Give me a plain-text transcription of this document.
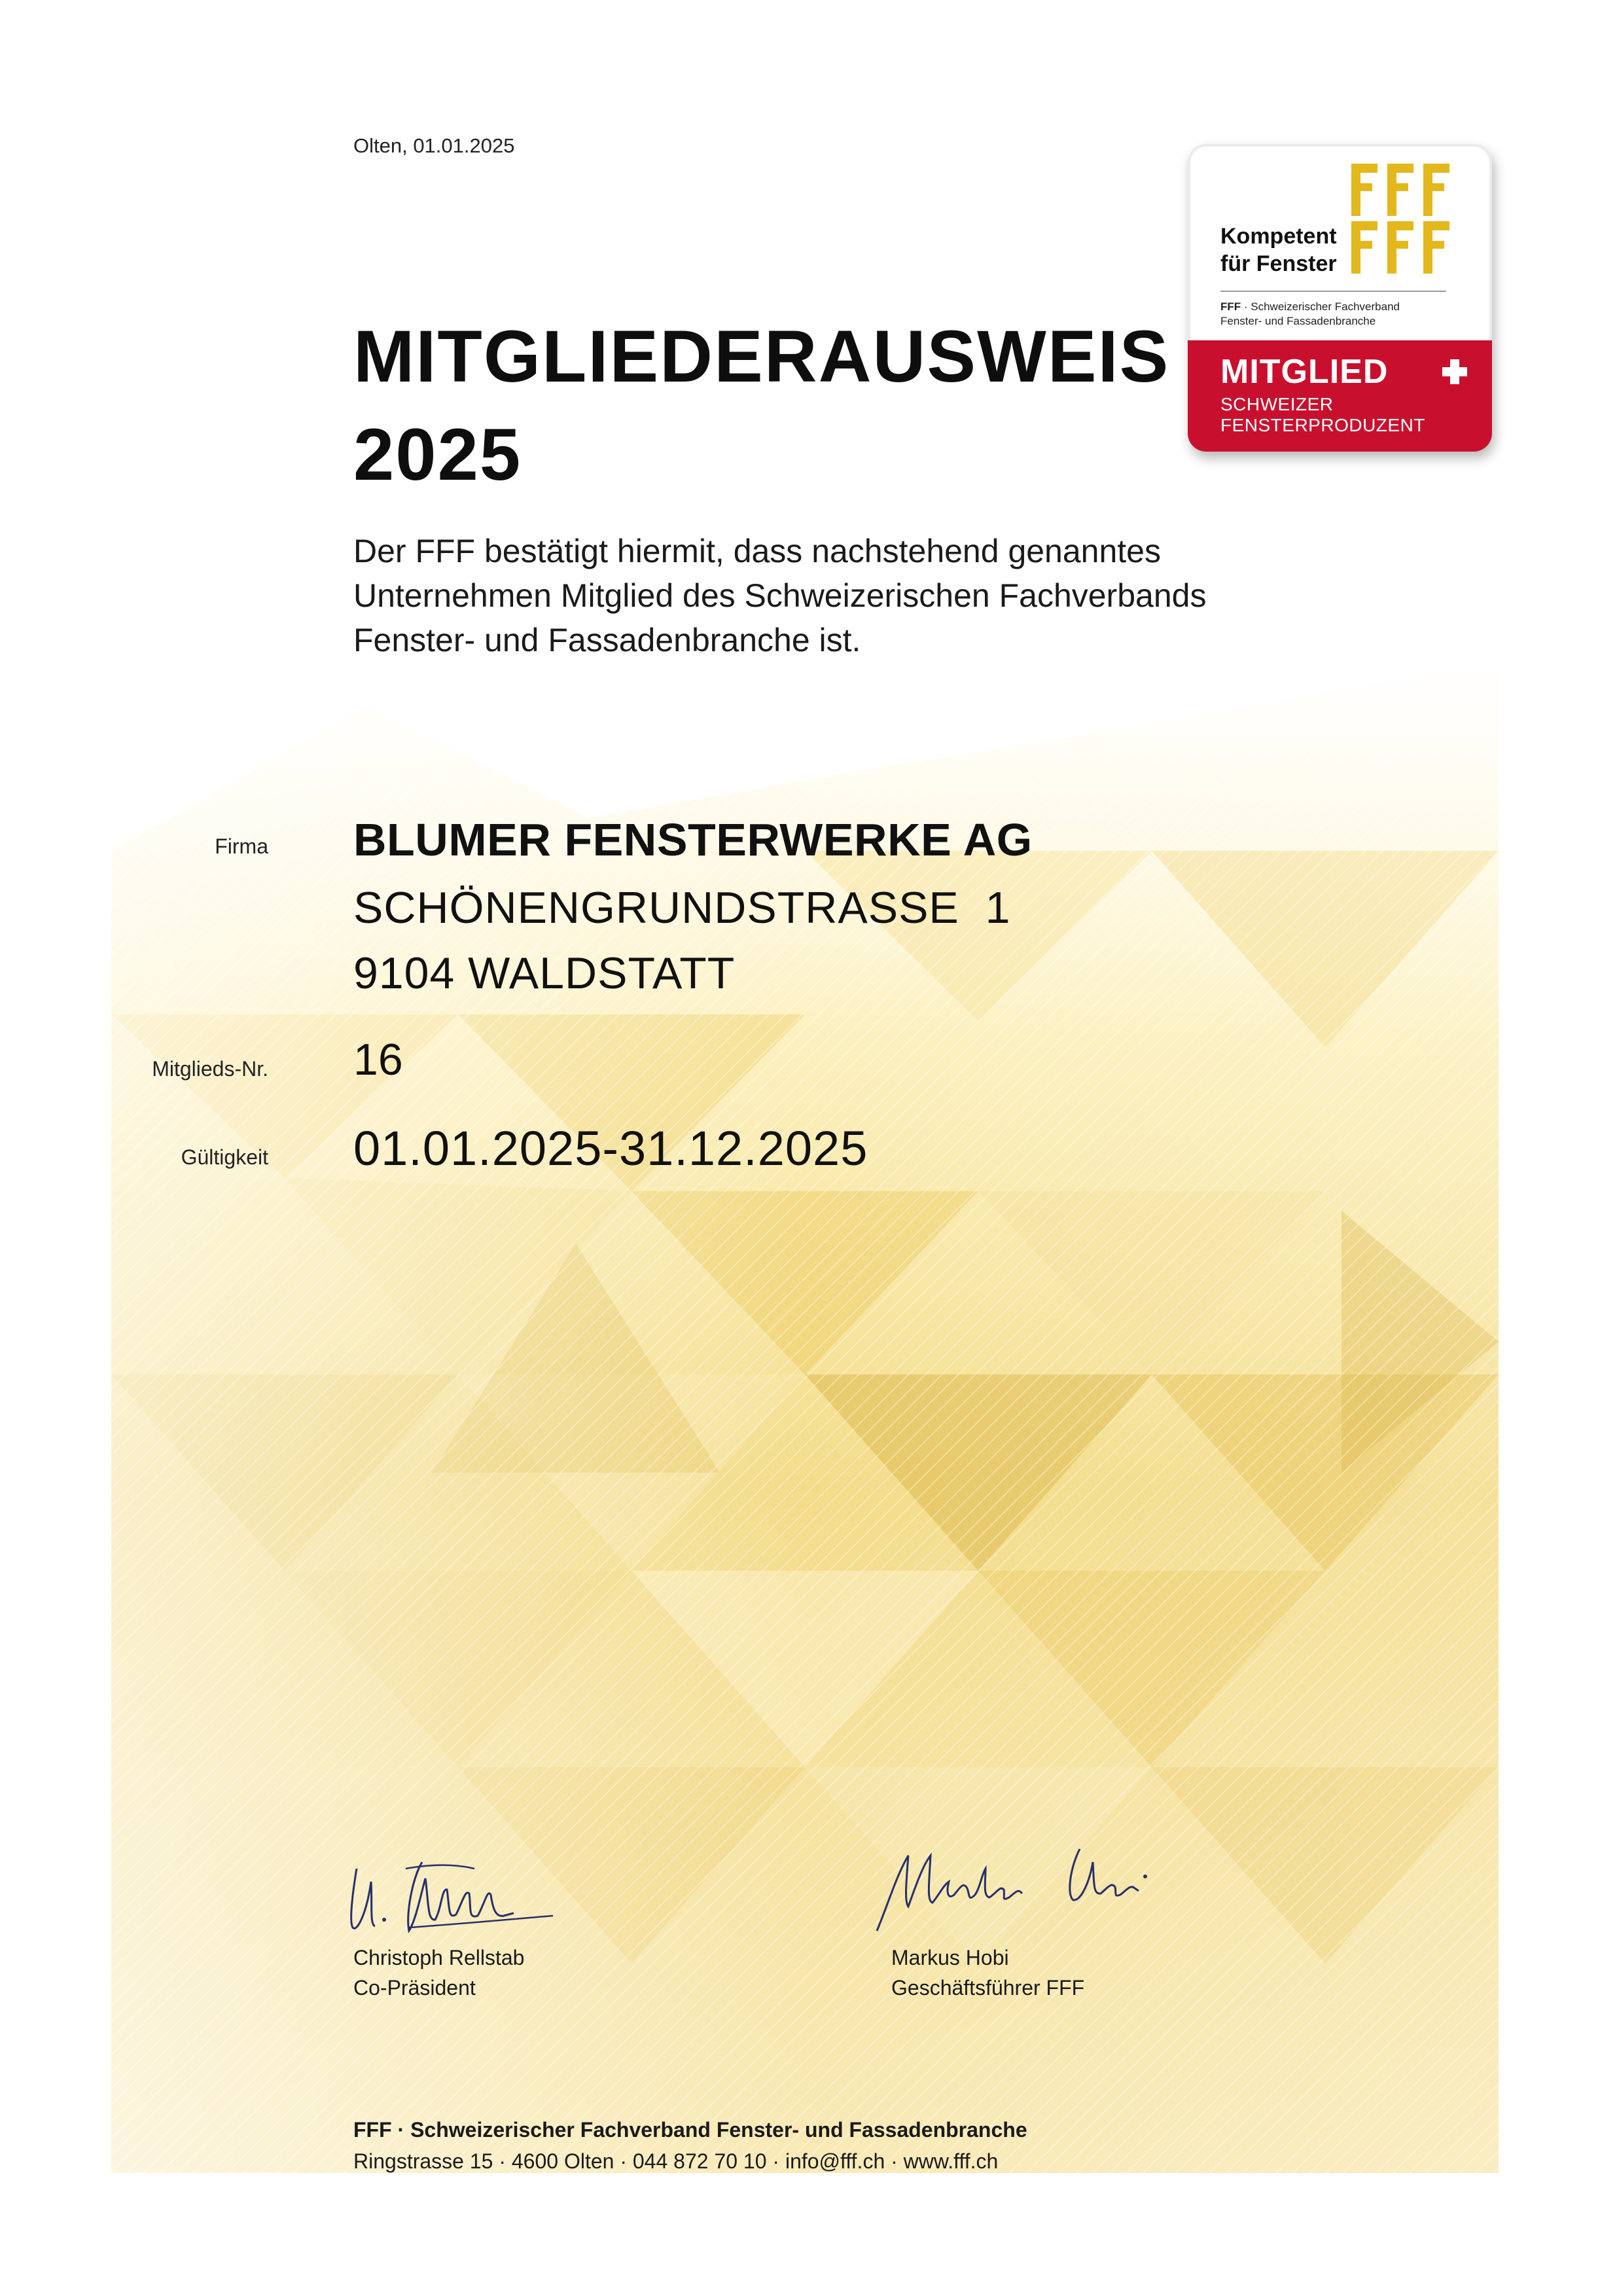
Olten, 01.01.2025
MITGLIEDERAUSWEIS
2025
Der FFF bestätigt hiermit, dass nachstehend genanntes
Unternehmen Mitglied des Schweizerischen Fachverbands
Fenster- und Fassadenbranche ist.
Firma
Mitglieds-Nr.
Gültigkeit
BLUMER FENSTERWERKE AG
SCHÖNENGRUNDSTRASSE  1
9104 WALDSTATT
16
01.01.2025-31.12.2025
Christoph Rellstab
Co-Präsident
Markus Hobi
Geschäftsführer FFF
FFF · Schweizerischer Fachverband Fenster- und Fassadenbranche
Ringstrasse 15 · 4600 Olten · 044 872 70 10 · info@fff.ch · www.fff.ch
Kompetent
für Fenster
FFF · Schweizerischer Fachverband
Fenster- und Fassadenbranche
MITGLIED
SCHWEIZER
FENSTERPRODUZENT
